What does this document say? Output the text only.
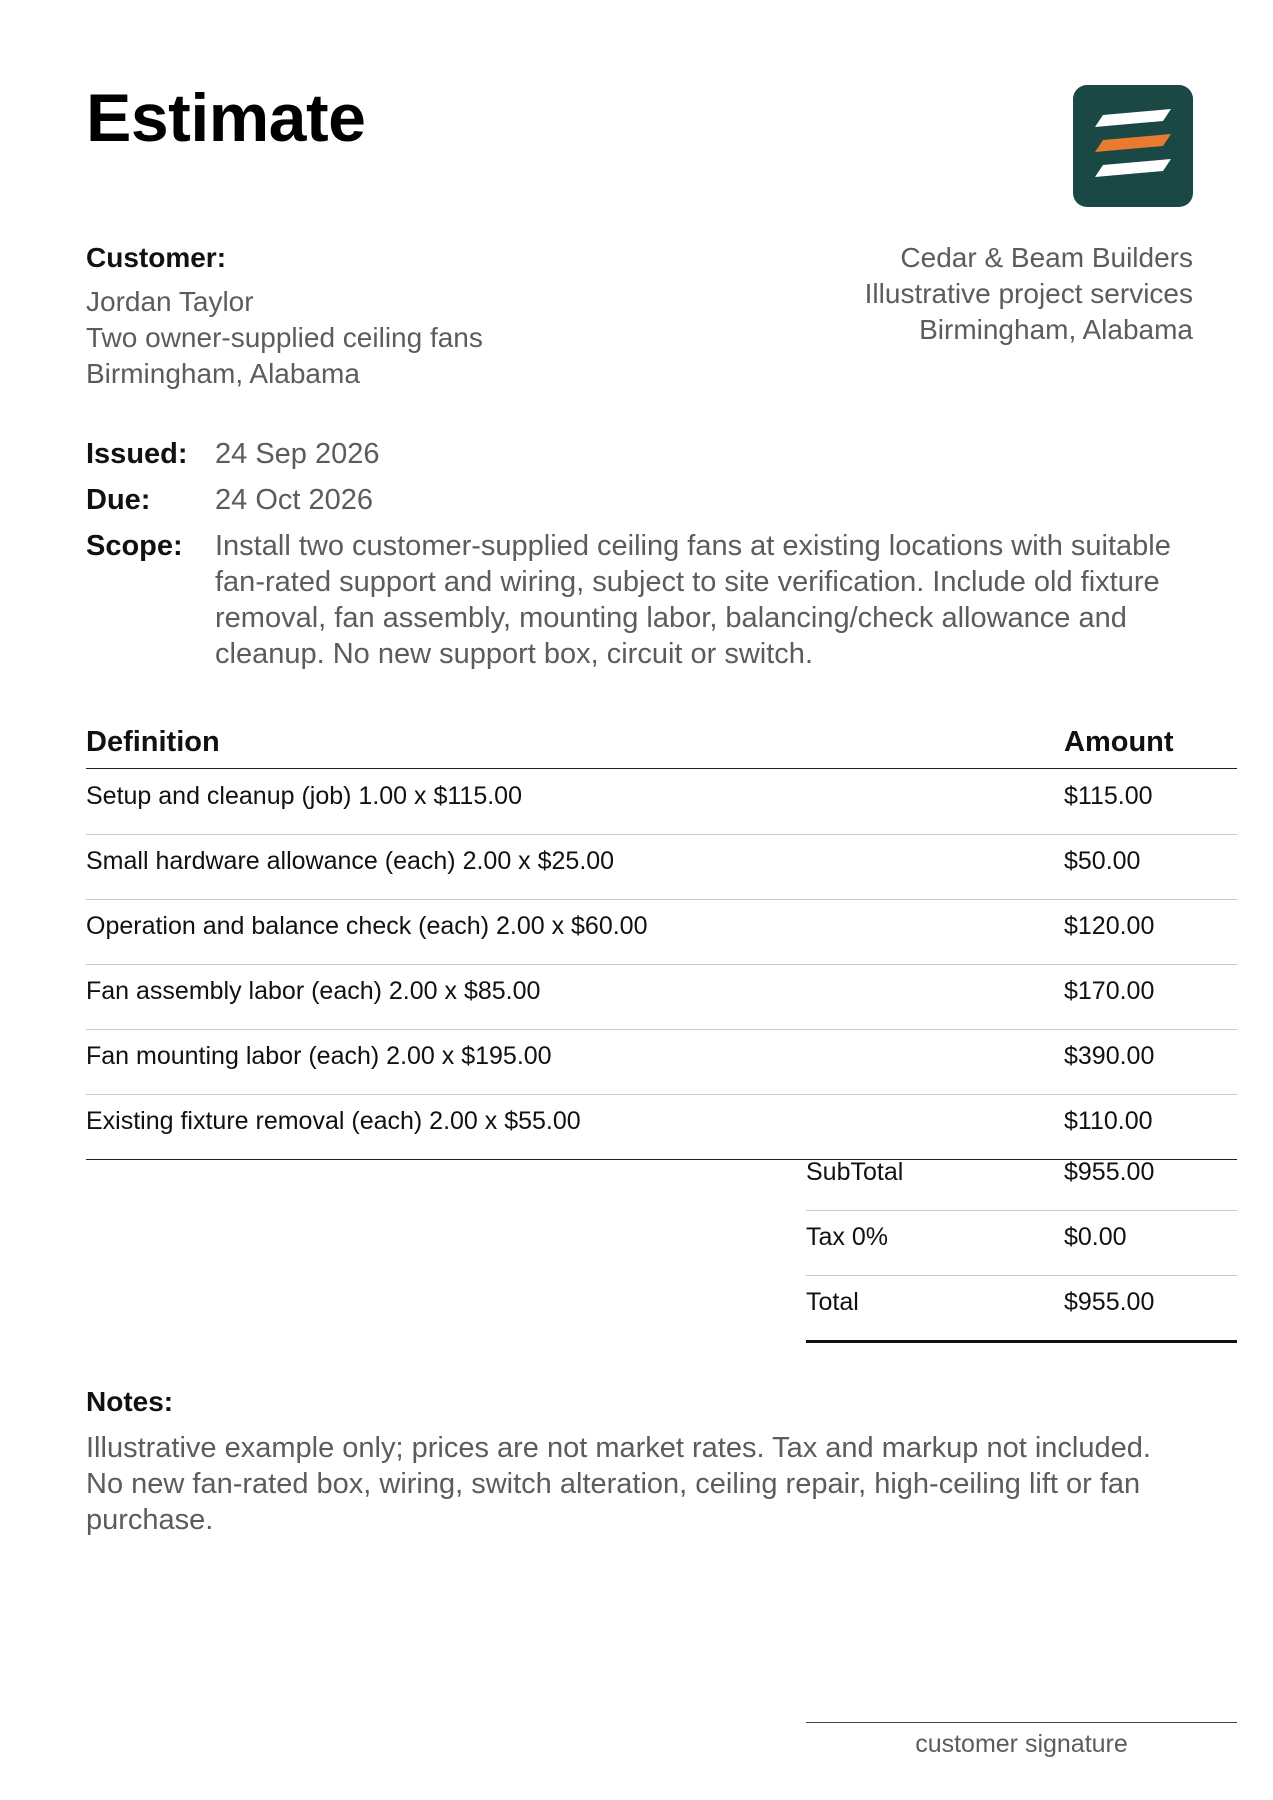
Estimate
Customer:
Jordan Taylor
Two owner-supplied ceiling fans
Birmingham, Alabama
Cedar & Beam Builders
Illustrative project services
Birmingham, Alabama
Issued: 24 Sep 2026
Due: 24 Oct 2026
Scope: Install two customer-supplied ceiling fans at existing locations with suitable fan-rated support and wiring, subject to site verification. Include old fixture removal, fan assembly, mounting labor, balancing/check allowance and cleanup. No new support box, circuit or switch.
Definition	Amount
Setup and cleanup (job) 1.00 x $115.00	$115.00
Small hardware allowance (each) 2.00 x $25.00	$50.00
Operation and balance check (each) 2.00 x $60.00	$120.00
Fan assembly labor (each) 2.00 x $85.00	$170.00
Fan mounting labor (each) 2.00 x $195.00	$390.00
Existing fixture removal (each) 2.00 x $55.00	$110.00
SubTotal	$955.00
Tax 0%	$0.00
Total	$955.00
Notes:
Illustrative example only; prices are not market rates. Tax and markup not included. No new fan-rated box, wiring, switch alteration, ceiling repair, high-ceiling lift or fan purchase.
customer signature
